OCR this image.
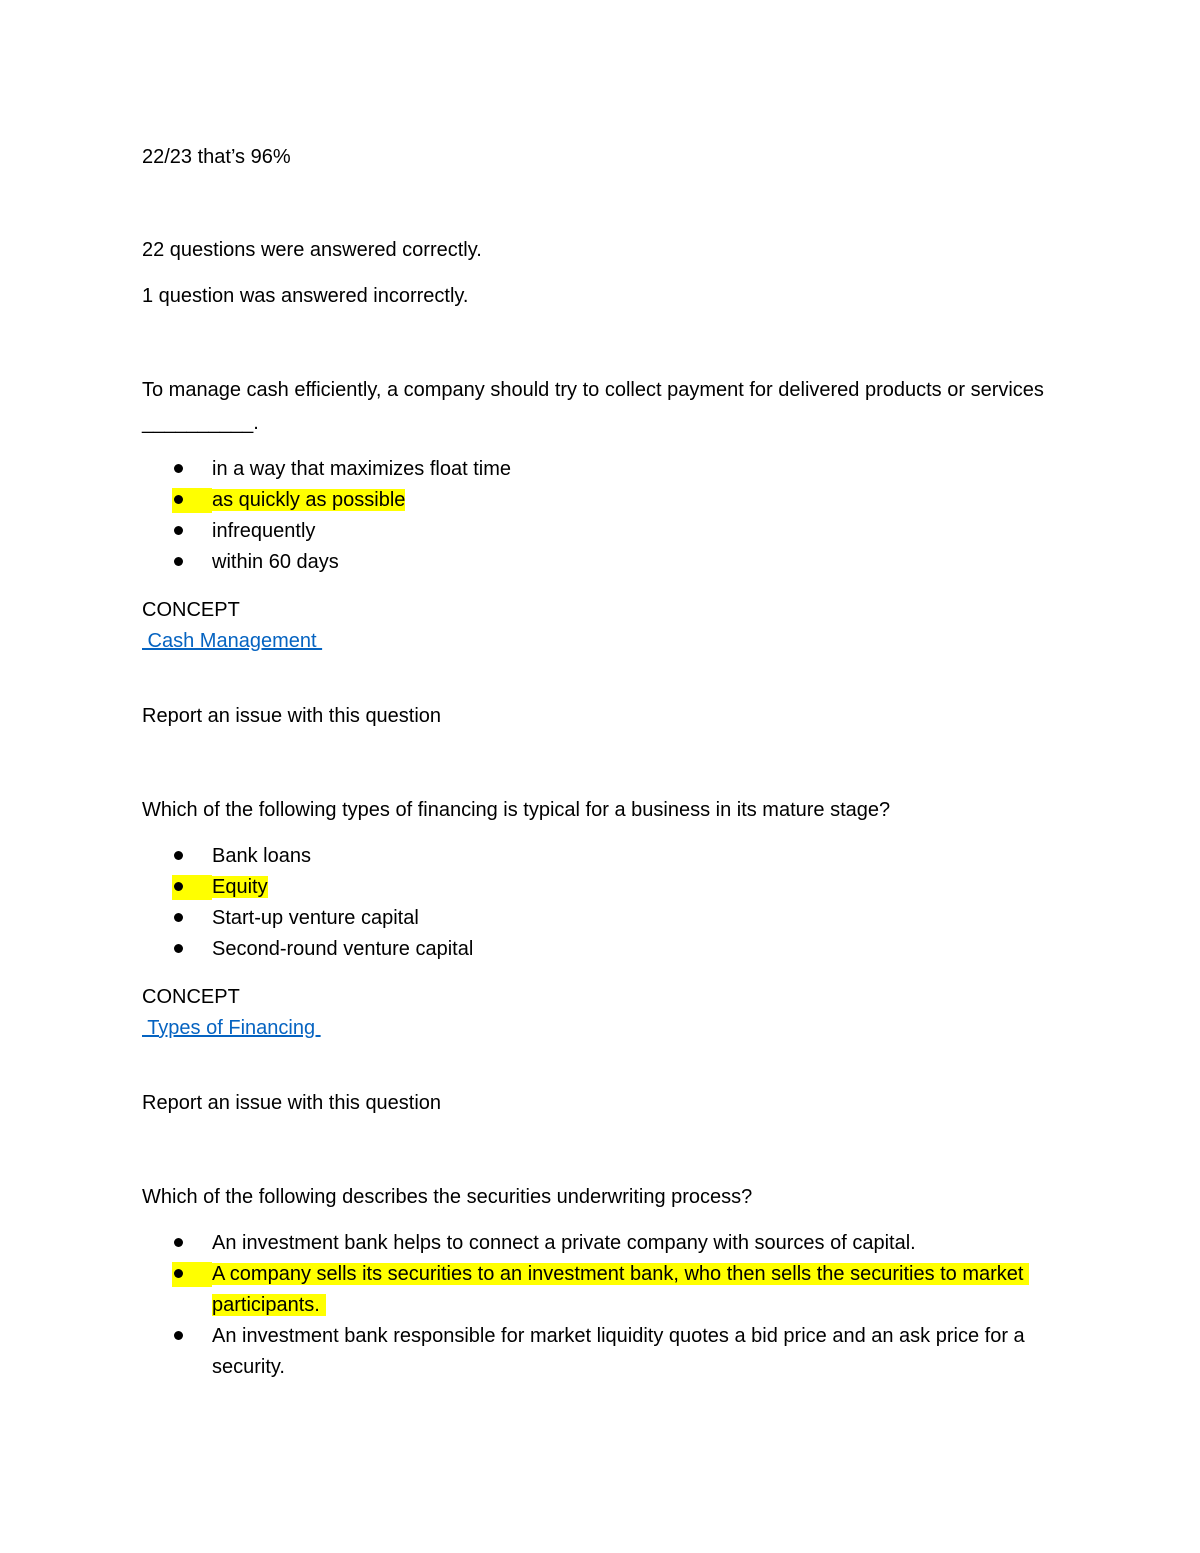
22/23 that’s 96%
22 questions were answered correctly.
1 question was answered incorrectly.
To manage cash efficiently, a company should try to collect payment for delivered products or services __________.
in a way that maximizes float time
as quickly as possible
infrequently
within 60 days
CONCEPT
Cash Management
Report an issue with this question
Which of the following types of financing is typical for a business in its mature stage?
Bank loans
Equity
Start-up venture capital
Second-round venture capital
CONCEPT
Types of Financing
Report an issue with this question
Which of the following describes the securities underwriting process?
An investment bank helps to connect a private company with sources of capital.
A company sells its securities to an investment bank, who then sells the securities to market participants.
An investment bank responsible for market liquidity quotes a bid price and an ask price for a security.
